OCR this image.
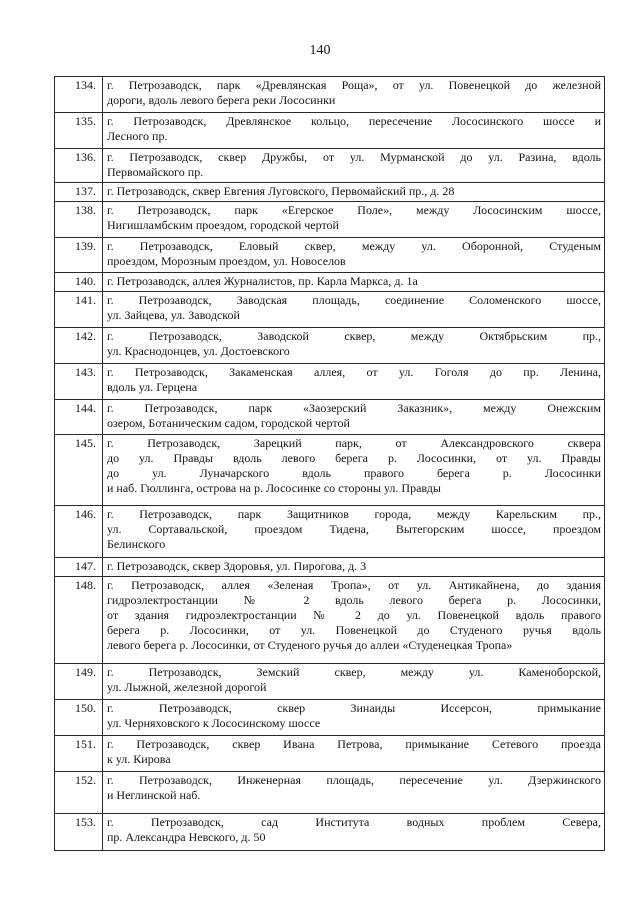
140
134.	г. Петрозаводск, парк «Древлянская Роща», от ул. Повенецкой до железной
дороги, вдоль левого берега реки Лососинки

135.	г. Петрозаводск, Древлянское кольцо, пересечение Лососинского шоссе и
Лесного пр.

136.	г. Петрозаводск, сквер Дружбы, от ул. Мурманской до ул. Разина, вдоль
Первомайского пр.

137.	г. Петрозаводск, сквер Евгения Луговского, Первомайский пр., д. 28

138.	г. Петрозаводск, парк «Егерское Поле», между Лососинским шоссе,
Нигишламбским проездом, городской чертой

139.	г. Петрозаводск, Еловый сквер, между ул. Оборонной, Студеным
проездом, Морозным проездом, ул. Новоселов

140.	г. Петрозаводск, аллея Журналистов, пр. Карла Маркса, д. 1а

141.	г. Петрозаводск, Заводская площадь, соединение Соломенского шоссе,
ул. Зайцева, ул. Заводской

142.	г. Петрозаводск, Заводской сквер, между Октябрьским пр.,
ул. Краснодонцев, ул. Достоевского

143.	г. Петрозаводск, Закаменская аллея, от ул. Гоголя до пр. Ленина,
вдоль ул. Герцена

144.	г. Петрозаводск, парк «Заозерский Заказник», между Онежским
озером, Ботаническим садом, городской чертой

145.	г. Петрозаводск, Зарецкий парк, от Александровского сквера
до ул. Правды вдоль левого берега р. Лососинки, от ул. Правды
до ул. Луначарского вдоль правого берега р. Лососинки
и наб. Гюллинга, острова на р. Лососинке со стороны ул. Правды

146.	г. Петрозаводск, парк Защитников города, между Карельским пр.,
ул. Сортавальской, проездом Тидена, Вытегорским шоссе, проездом
Белинского

147.	г. Петрозаводск, сквер Здоровья, ул. Пирогова, д. 3

148.	г. Петрозаводск, аллея «Зеленая Тропа», от ул. Антикайнена, до здания
гидроэлектростанции № 2 вдоль левого берега р. Лососинки,
от здания гидроэлектростанции № 2 до ул. Повенецкой вдоль правого
берега р. Лососинки, от ул. Повенецкой до Студеного ручья вдоль
левого берега р. Лососинки, от Студеного ручья до аллеи «Студенецкая Тропа»

149.	г. Петрозаводск, Земский сквер, между ул. Каменоборской,
ул. Лыжной, железной дорогой

150.	г. Петрозаводск, сквер Зинаиды Иссерсон, примыкание
ул. Черняховского к Лососинскому шоссе

151.	г. Петрозаводск, сквер Ивана Петрова, примыкание Сетевого проезда
к ул. Кирова

152.	г. Петрозаводск, Инженерная площадь, пересечение ул. Дзержинского
и Неглинской наб.

153.	г. Петрозаводск, сад Института водных проблем Севера,
пр. Александра Невского, д. 50
